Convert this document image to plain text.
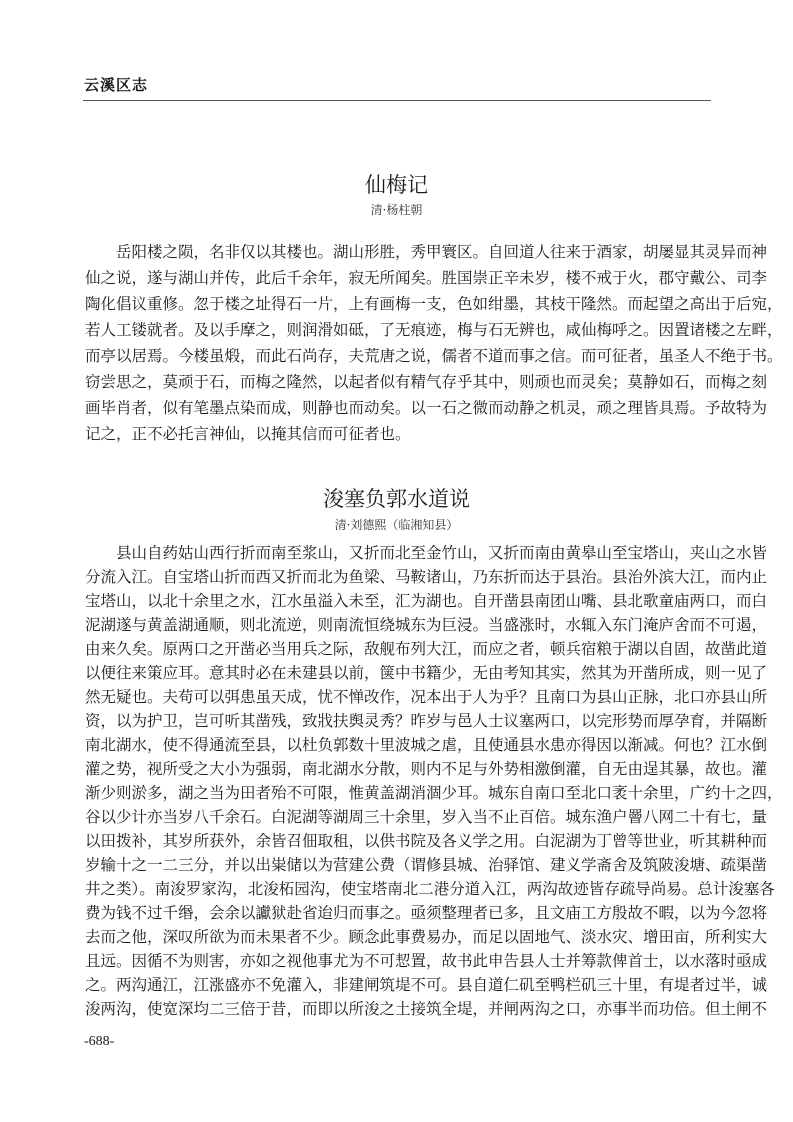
云溪区志
仙梅记
清·杨柱朝
　　岳阳楼之陨，名非仅以其楼也。湖山形胜，秀甲寰区。自回道人往来于酒家，胡屡显其灵异而神
仙之说，遂与湖山并传，此后千余年，寂无所闻矣。胜国崇正辛未岁，楼不戒于火，郡守戴公、司李
陶化倡议重修。忽于楼之址得石一片，上有画梅一支，色如绀墨，其枝干隆然。而起望之高出于后宛，
若人工镂就者。及以手摩之，则润滑如砥，了无痕迹，梅与石无辨也，咸仙梅呼之。因置诸楼之左畔，
而亭以居焉。今楼虽煅，而此石尚存，夫荒唐之说，儒者不道而事之信。而可征者，虽圣人不绝于书。
窃尝思之，莫顽于石，而梅之隆然，以起者似有精气存乎其中，则顽也而灵矣；莫静如石，而梅之刻
画毕肖者，似有笔墨点染而成，则静也而动矣。以一石之微而动静之机灵，顽之理皆具焉。予故特为
记之，正不必托言神仙，以掩其信而可征者也。
浚塞负郭水道说
清·刘德熙（临湘知县）
　　县山自药姑山西行折而南至浆山，又折而北至金竹山，又折而南由黄皋山至宝塔山，夹山之水皆
分流入江。自宝塔山折而西又折而北为鱼梁、马鞍诸山，乃东折而达于县治。县治外滨大江，而内止
宝塔山，以北十余里之水，江水虽溢入未至，汇为湖也。自开凿县南团山嘴、县北歌童庙两口，而白
泥湖遂与黄盖湖通顺，则北流逆，则南流恒绕城东为巨浸。当盛涨时，水辄入东门淹庐舍而不可遏，
由来久矣。原两口之开凿必当用兵之际，敌舰布列大江，而应之者，顿兵宿粮于湖以自固，故凿此道
以便往来策应耳。意其时必在未建县以前，箧中书籍少，无由考知其实，然其为开凿所成，则一见了
然无疑也。夫苟可以弭患虽天成，忧不惮改作，况本出于人为乎？且南口为县山正脉，北口亦县山所
资，以为护卫，岂可听其凿残，致戕扶舆灵秀？昨岁与邑人士议塞两口，以完形势而厚孕育，并隔断
南北湖水，使不得通流至县，以杜负郭数十里波城之虐，且使通县水患亦得因以渐减。何也？江水倒
灌之势，视所受之大小为强弱，南北湖水分散，则内不足与外势相激倒灌，自无由逞其暴，故也。灌
渐少则淤多，湖之当为田者殆不可限，惟黄盖湖消涸少耳。城东自南口至北口袤十余里，广约十之四，
谷以少计亦当岁八千余石。白泥湖等湖周三十余里，岁入当不止百倍。城东渔户罾八网二十有七，量
以田拨补，其岁所获外，余皆召佃取租，以供书院及各义学之用。白泥湖为丁曾等世业，听其耕种而
岁输十之一二三分，并以出粜储以为营建公费（谓修县城、治驿馆、建义学斋舍及筑陂浚塘、疏渠凿
井之类）。南浚罗家沟，北浚柘园沟，使宝塔南北二港分道入江，两沟故迹皆存疏导尚易。总计浚塞各
费为钱不过千缗，会余以讞狱赴省迨归而事之。亟须整理者已多，且文庙工方殷故不暇，以为今忽将
去而之他，深叹所欲为而未果者不少。顾念此事费易办，而足以固地气、淡水灾、增田亩，所利实大
且远。因循不为则害，亦如之视他事尤为不可恝置，故书此申告县人士并筹款俾首士，以水落时亟成
之。两沟通江，江涨盛亦不免灌入，非建闸筑堤不可。县自道仁矶至鸭栏矶三十里，有堤者过半，诚
浚两沟，使宽深均二三倍于昔，而即以所浚之土接筑全堤，并闸两沟之口，亦事半而功倍。但土闸不
-688-
